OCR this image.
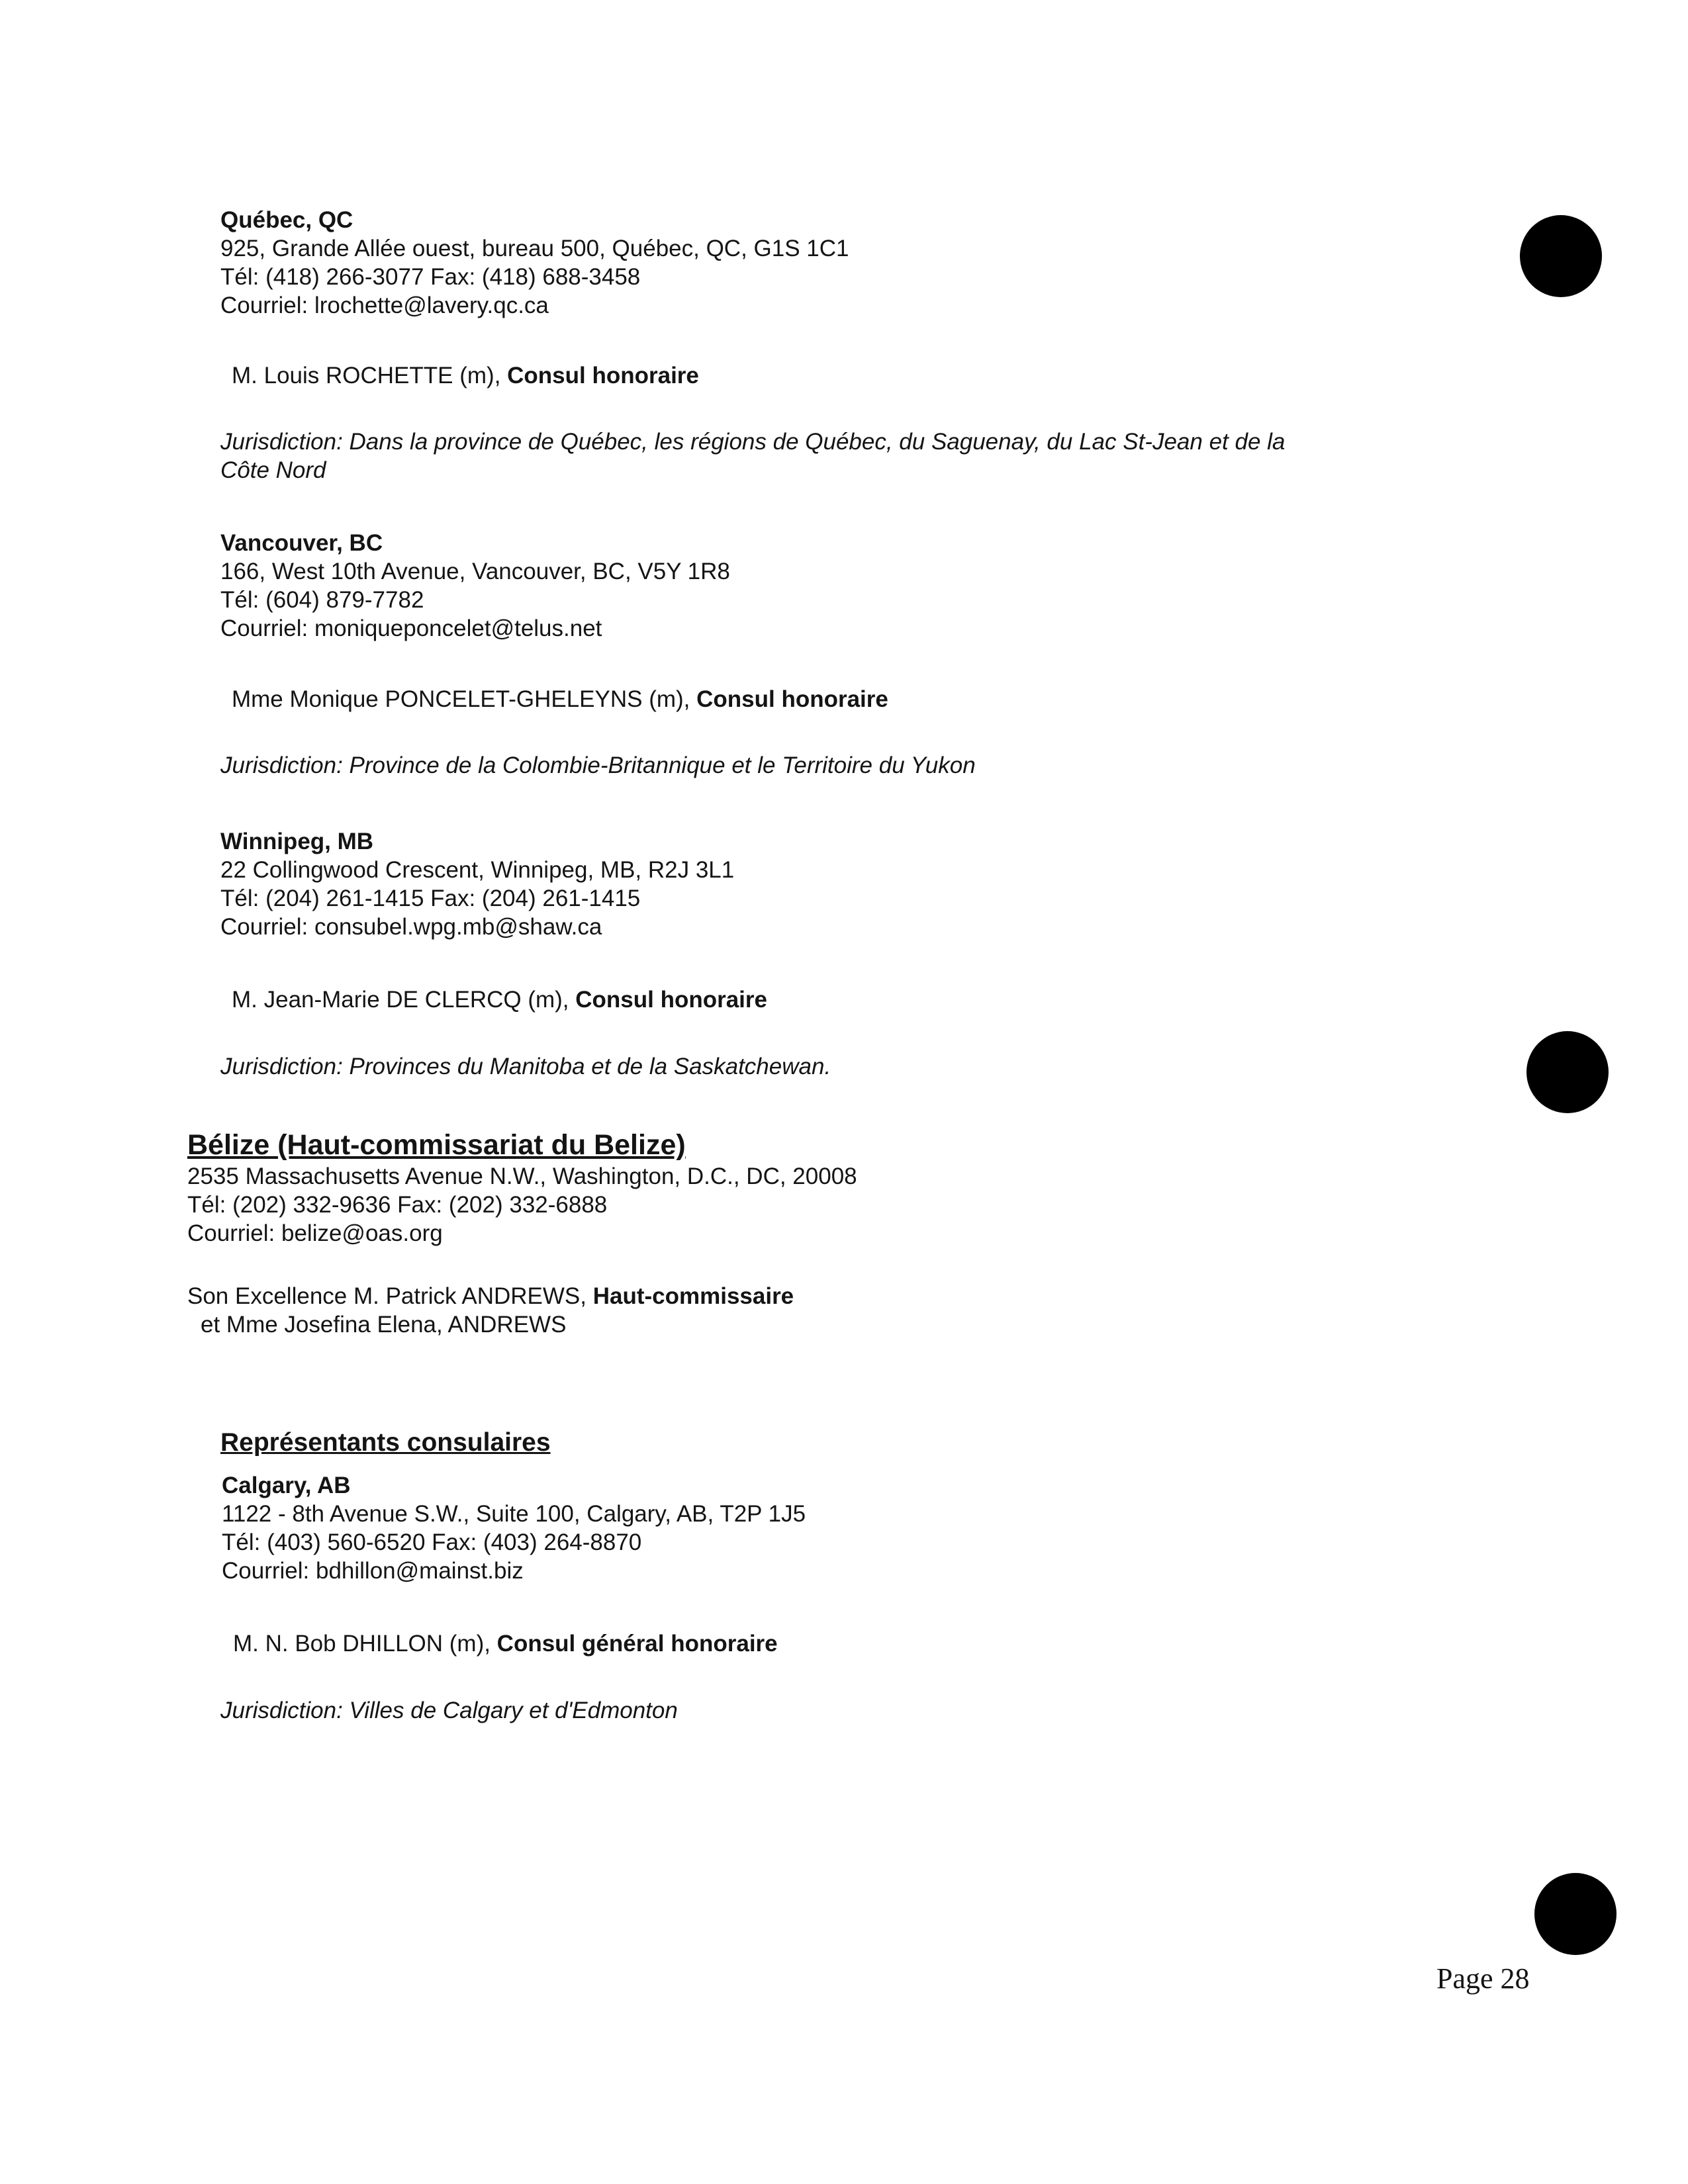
Québec, QC
925, Grande Allée ouest, bureau 500, Québec, QC, G1S 1C1
Tél: (418) 266-3077 Fax: (418) 688-3458
Courriel: lrochette@lavery.qc.ca
M. Louis ROCHETTE (m), Consul honoraire
Jurisdiction: Dans la province de Québec, les régions de Québec, du Saguenay, du Lac St-Jean et de la
Côte Nord
Vancouver, BC
166, West 10th Avenue, Vancouver, BC, V5Y 1R8
Tél: (604) 879-7782
Courriel: moniqueponcelet@telus.net
Mme Monique PONCELET-GHELEYNS (m), Consul honoraire
Jurisdiction: Province de la Colombie-Britannique et le Territoire du Yukon
Winnipeg, MB
22 Collingwood Crescent, Winnipeg, MB, R2J 3L1
Tél: (204) 261-1415 Fax: (204) 261-1415
Courriel: consubel.wpg.mb@shaw.ca
M. Jean-Marie DE CLERCQ (m), Consul honoraire
Jurisdiction: Provinces du Manitoba et de la Saskatchewan.
Bélize (Haut-commissariat du Belize)
2535 Massachusetts Avenue N.W., Washington, D.C., DC, 20008
Tél: (202) 332-9636 Fax: (202) 332-6888
Courriel: belize@oas.org
Son Excellence M. Patrick ANDREWS, Haut-commissaire
et Mme Josefina Elena, ANDREWS
Représentants consulaires
Calgary, AB
1122 - 8th Avenue S.W., Suite 100, Calgary, AB, T2P 1J5
Tél: (403) 560-6520 Fax: (403) 264-8870
Courriel: bdhillon@mainst.biz
M. N. Bob DHILLON (m), Consul général honoraire
Jurisdiction: Villes de Calgary et d'Edmonton
Page 28
